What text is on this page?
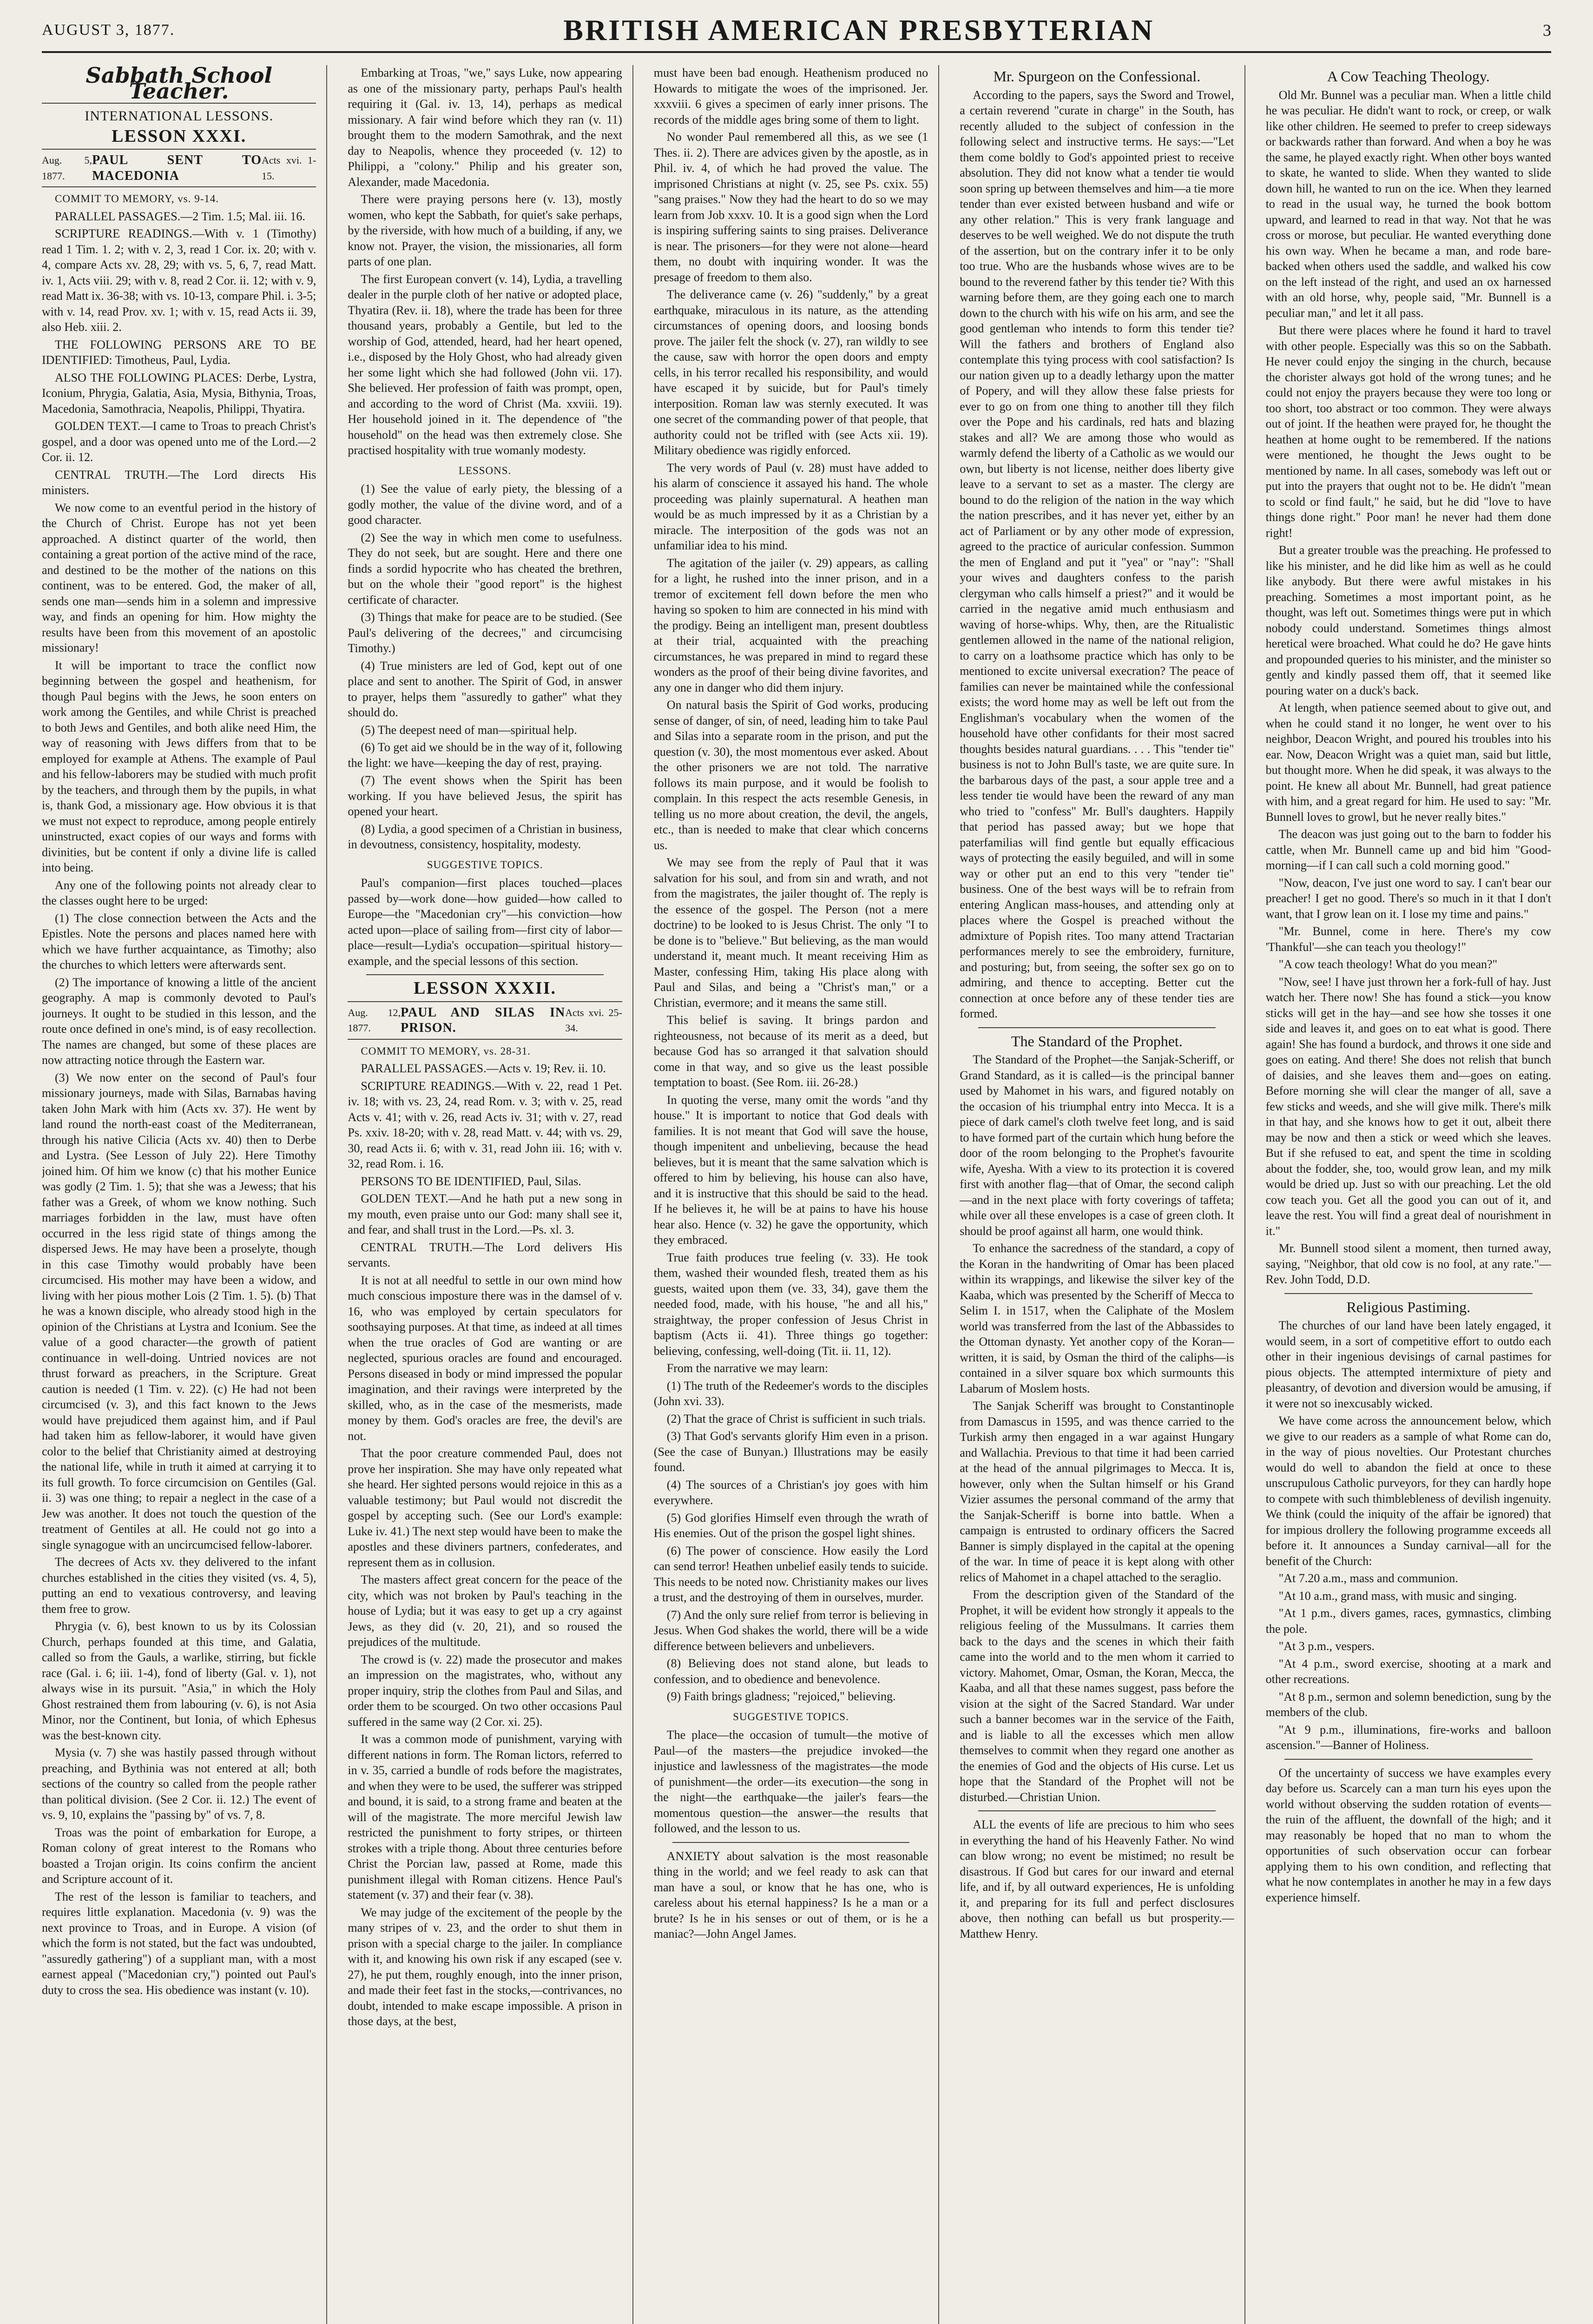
AUGUST 3, 1877.	BRITISH AMERICAN PRESBYTERIAN	3
Sabbath School Teacher.
INTERNATIONAL LESSONS.
LESSON XXXI.
Aug. 5, 1877.
PAUL SENT TO MACEDONIA
Acts xvi. 1-15.

COMMIT TO MEMORY, vs. 9-14.

PARALLEL PASSAGES.—2 Tim. 1.5; Mal. iii. 16.

SCRIPTURE READINGS.—With v. 1 (Timothy) read 1 Tim. 1. 2; with v. 2, 3, read 1 Cor. ix. 20; with v. 4, compare Acts xv. 28, 29; with vs. 5, 6, 7, read Matt. iv. 1, Acts viii. 29; with v. 8, read 2 Cor. ii. 12; with v. 9, read Matt ix. 36-38; with vs. 10-13, compare Phil. i. 3-5; with v. 14, read Prov. xv. 1; with v. 15, read Acts ii. 39, also Heb. xiii. 2.

THE FOLLOWING PERSONS ARE TO BE IDENTIFIED: Timotheus, Paul, Lydia.

ALSO THE FOLLOWING PLACES: Derbe, Lystra, Iconium, Phrygia, Galatia, Asia, Mysia, Bithynia, Troas, Macedonia, Samothracia, Neapolis, Philippi, Thyatira.

GOLDEN TEXT.—I came to Troas to preach Christ's gospel, and a door was opened unto me of the Lord.—2 Cor. ii. 12.

CENTRAL TRUTH.—The Lord directs His ministers.

We now come to an eventful period in the history of the Church of Christ. Europe has not yet been approached. A distinct quarter of the world, then containing a great portion of the active mind of the race, and destined to be the mother of the nations on this continent, was to be entered. God, the maker of all, sends one man—sends him in a solemn and impressive way, and finds an opening for him. How mighty the results have been from this movement of an apostolic missionary!

It will be important to trace the conflict now beginning between the gospel and heathenism, for though Paul begins with the Jews, he soon enters on work among the Gentiles, and while Christ is preached to both Jews and Gentiles, and both alike need Him, the way of reasoning with Jews differs from that to be employed for example at Athens. The example of Paul and his fellow-laborers may be studied with much profit by the teachers, and through them by the pupils, in what is, thank God, a missionary age. How obvious it is that we must not expect to reproduce, among people entirely uninstructed, exact copies of our ways and forms with divinities, but be content if only a divine life is called into being.

Any one of the following points not already clear to the classes ought here to be urged:

(1) The close connection between the Acts and the Epistles. Note the persons and places named here with which we have further acquaintance, as Timothy; also the churches to which letters were afterwards sent.

(2) The importance of knowing a little of the ancient geography. A map is commonly devoted to Paul's journeys. It ought to be studied in this lesson, and the route once defined in one's mind, is of easy recollection. The names are changed, but some of these places are now attracting notice through the Eastern war.

(3) We now enter on the second of Paul's four missionary journeys, made with Silas, Barnabas having taken John Mark with him (Acts xv. 37). He went by land round the north-east coast of the Mediterranean, through his native Cilicia (Acts xv. 40) then to Derbe and Lystra. (See Lesson of July 22). Here Timothy joined him. Of him we know (c) that his mother Eunice was godly (2 Tim. 1. 5); that she was a Jewess; that his father was a Greek, of whom we know nothing. Such marriages forbidden in the law, must have often occurred in the less rigid state of things among the dispersed Jews. He may have been a proselyte, though in this case Timothy would probably have been circumcised. His mother may have been a widow, and living with her pious mother Lois (2 Tim. 1. 5). (b) That he was a known disciple, who already stood high in the opinion of the Christians at Lystra and Iconium. See the value of a good character—the growth of patient continuance in well-doing. Untried novices are not thrust forward as preachers, in the Scripture. Great caution is needed (1 Tim. v. 22). (c) He had not been circumcised (v. 3), and this fact known to the Jews would have prejudiced them against him, and if Paul had taken him as fellow-laborer, it would have given color to the belief that Christianity aimed at destroying the national life, while in truth it aimed at carrying it to its full growth. To force circumcision on Gentiles (Gal. ii. 3) was one thing; to repair a neglect in the case of a Jew was another. It does not touch the question of the treatment of Gentiles at all. He could not go into a single synagogue with an uncircumcised fellow-laborer.

The decrees of Acts xv. they delivered to the infant churches established in the cities they visited (vs. 4, 5), putting an end to vexatious controversy, and leaving them free to grow.

Phrygia (v. 6), best known to us by its Colossian Church, perhaps founded at this time, and Galatia, called so from the Gauls, a warlike, stirring, but fickle race (Gal. i. 6; iii. 1-4), fond of liberty (Gal. v. 1), not always wise in its pursuit. "Asia," in which the Holy Ghost restrained them from labouring (v. 6), is not Asia Minor, nor the Continent, but Ionia, of which Ephesus was the best-known city.

Mysia (v. 7) she was hastily passed through without preaching, and Bythinia was not entered at all; both sections of the country so called from the people rather than political division. (See 2 Cor. ii. 12.) The event of vs. 9, 10, explains the "passing by" of vs. 7, 8.

Troas was the point of embarkation for Europe, a Roman colony of great interest to the Romans who boasted a Trojan origin. Its coins confirm the ancient and Scripture account of it.

The rest of the lesson is familiar to teachers, and requires little explanation. Macedonia (v. 9) was the next province to Troas, and in Europe. A vision (of which the form is not stated, but the fact was undoubted, "assuredly gathering") of a suppliant man, with a most earnest appeal ("Macedonian cry,") pointed out Paul's duty to cross the sea. His obedience was instant (v. 10).

Embarking at Troas, "we," says Luke, now appearing as one of the missionary party, perhaps Paul's health requiring it (Gal. iv. 13, 14), perhaps as medical missionary. A fair wind before which they ran (v. 11) brought them to the modern Samothrak, and the next day to Neapolis, whence they proceeded (v. 12) to Philippi, a "colony." Philip and his greater son, Alexander, made Macedonia.

There were praying persons here (v. 13), mostly women, who kept the Sabbath, for quiet's sake perhaps, by the riverside, with how much of a building, if any, we know not. Prayer, the vision, the missionaries, all form parts of one plan.

The first European convert (v. 14), Lydia, a travelling dealer in the purple cloth of her native or adopted place, Thyatira (Rev. ii. 18), where the trade has been for three thousand years, probably a Gentile, but led to the worship of God, attended, heard, had her heart opened, i.e., disposed by the Holy Ghost, who had already given her some light which she had followed (John vii. 17). She believed. Her profession of faith was prompt, open, and according to the word of Christ (Ma. xxviii. 19). Her household joined in it. The dependence of "the household" on the head was then extremely close. She practised hospitality with true womanly modesty.

LESSONS.

(1) See the value of early piety, the blessing of a godly mother, the value of the divine word, and of a good character.

(2) See the way in which men come to usefulness. They do not seek, but are sought. Here and there one finds a sordid hypocrite who has cheated the brethren, but on the whole their "good report" is the highest certificate of character.

(3) Things that make for peace are to be studied. (See Paul's delivering of the decrees," and circumcising Timothy.)

(4) True ministers are led of God, kept out of one place and sent to another. The Spirit of God, in answer to prayer, helps them "assuredly to gather" what they should do.

(5) The deepest need of man—spiritual help.

(6) To get aid we should be in the way of it, following the light: we have—keeping the day of rest, praying.

(7) The event shows when the Spirit has been working. If you have believed Jesus, the spirit has opened your heart.

(8) Lydia, a good specimen of a Christian in business, in devoutness, consistency, hospitality, modesty.

SUGGESTIVE TOPICS.

Paul's companion—first places touched—places passed by—work done—how guided—how called to Europe—the "Macedonian cry"—his conviction—how acted upon—place of sailing from—first city of labor—place—result—Lydia's occupation—spiritual history—example, and the special lessons of this section.

LESSON XXXII.
Aug. 12, 1877.
PAUL AND SILAS IN PRISON.
Acts xvi. 25-34.

COMMIT TO MEMORY, vs. 28-31.

PARALLEL PASSAGES.—Acts v. 19; Rev. ii. 10.

SCRIPTURE READINGS.—With v. 22, read 1 Pet. iv. 18; with vs. 23, 24, read Rom. v. 3; with v. 25, read Acts v. 41; with v. 26, read Acts iv. 31; with v. 27, read Ps. xxiv. 18-20; with v. 28, read Matt. v. 44; with vs. 29, 30, read Acts ii. 6; with v. 31, read John iii. 16; with v. 32, read Rom. i. 16.

PERSONS TO BE IDENTIFIED, Paul, Silas.

GOLDEN TEXT.—And he hath put a new song in my mouth, even praise unto our God: many shall see it, and fear, and shall trust in the Lord.—Ps. xl. 3.

CENTRAL TRUTH.—The Lord delivers His servants.

It is not at all needful to settle in our own mind how much conscious imposture there was in the damsel of v. 16, who was employed by certain speculators for soothsaying purposes. At that time, as indeed at all times when the true oracles of God are wanting or are neglected, spurious oracles are found and encouraged. Persons diseased in body or mind impressed the popular imagination, and their ravings were interpreted by the skilled, who, as in the case of the mesmerists, made money by them. God's oracles are free, the devil's are not.

That the poor creature commended Paul, does not prove her inspiration. She may have only repeated what she heard. Her sighted persons would rejoice in this as a valuable testimony; but Paul would not discredit the gospel by accepting such. (See our Lord's example: Luke iv. 41.) The next step would have been to make the apostles and these diviners partners, confederates, and represent them as in collusion.

The masters affect great concern for the peace of the city, which was not broken by Paul's teaching in the house of Lydia; but it was easy to get up a cry against Jews, as they did (v. 20, 21), and so roused the prejudices of the multitude.

The crowd is (v. 22) made the prosecutor and makes an impression on the magistrates, who, without any proper inquiry, strip the clothes from Paul and Silas, and order them to be scourged. On two other occasions Paul suffered in the same way (2 Cor. xi. 25).

It was a common mode of punishment, varying with different nations in form. The Roman lictors, referred to in v. 35, carried a bundle of rods before the magistrates, and when they were to be used, the sufferer was stripped and bound, it is said, to a strong frame and beaten at the will of the magistrate. The more merciful Jewish law restricted the punishment to forty stripes, or thirteen strokes with a triple thong. About three centuries before Christ the Porcian law, passed at Rome, made this punishment illegal with Roman citizens. Hence Paul's statement (v. 37) and their fear (v. 38).

We may judge of the excitement of the people by the many stripes of v. 23, and the order to shut them in prison with a special charge to the jailer. In compliance with it, and knowing his own risk if any escaped (see v. 27), he put them, roughly enough, into the inner prison, and made their feet fast in the stocks,—contrivances, no doubt, intended to make escape impossible. A prison in those days, at the best,

must have been bad enough. Heathenism produced no Howards to mitigate the woes of the imprisoned. Jer. xxxviii. 6 gives a specimen of early inner prisons. The records of the middle ages bring some of them to light.

No wonder Paul remembered all this, as we see (1 Thes. ii. 2). There are advices given by the apostle, as in Phil. iv. 4, of which he had proved the value. The imprisoned Christians at night (v. 25, see Ps. cxix. 55) "sang praises." Now they had the heart to do so we may learn from Job xxxv. 10. It is a good sign when the Lord is inspiring suffering saints to sing praises. Deliverance is near. The prisoners—for they were not alone—heard them, no doubt with inquiring wonder. It was the presage of freedom to them also.

The deliverance came (v. 26) "suddenly," by a great earthquake, miraculous in its nature, as the attending circumstances of opening doors, and loosing bonds prove. The jailer felt the shock (v. 27), ran wildly to see the cause, saw with horror the open doors and empty cells, in his terror recalled his responsibility, and would have escaped it by suicide, but for Paul's timely interposition. Roman law was sternly executed. It was one secret of the commanding power of that people, that authority could not be trifled with (see Acts xii. 19). Military obedience was rigidly enforced.

The very words of Paul (v. 28) must have added to his alarm of conscience it assayed his hand. The whole proceeding was plainly supernatural. A heathen man would be as much impressed by it as a Christian by a miracle. The interposition of the gods was not an unfamiliar idea to his mind.

The agitation of the jailer (v. 29) appears, as calling for a light, he rushed into the inner prison, and in a tremor of excitement fell down before the men who having so spoken to him are connected in his mind with the prodigy. Being an intelligent man, present doubtless at their trial, acquainted with the preaching circumstances, he was prepared in mind to regard these wonders as the proof of their being divine favorites, and any one in danger who did them injury.

On natural basis the Spirit of God works, producing sense of danger, of sin, of need, leading him to take Paul and Silas into a separate room in the prison, and put the question (v. 30), the most momentous ever asked. About the other prisoners we are not told. The narrative follows its main purpose, and it would be foolish to complain. In this respect the acts resemble Genesis, in telling us no more about creation, the devil, the angels, etc., than is needed to make that clear which concerns us.

We may see from the reply of Paul that it was salvation for his soul, and from sin and wrath, and not from the magistrates, the jailer thought of. The reply is the essence of the gospel. The Person (not a mere doctrine) to be looked to is Jesus Christ. The only "I to be done is to "believe." But believing, as the man would understand it, meant much. It meant receiving Him as Master, confessing Him, taking His place along with Paul and Silas, and being a "Christ's man," or a Christian, evermore; and it means the same still.

This belief is saving. It brings pardon and righteousness, not because of its merit as a deed, but because God has so arranged it that salvation should come in that way, and so give us the least possible temptation to boast. (See Rom. iii. 26-28.)

In quoting the verse, many omit the words "and thy house." It is important to notice that God deals with families. It is not meant that God will save the house, though impenitent and unbelieving, because the head believes, but it is meant that the same salvation which is offered to him by believing, his house can also have, and it is instructive that this should be said to the head. If he believes it, he will be at pains to have his house hear also. Hence (v. 32) he gave the opportunity, which they embraced.

True faith produces true feeling (v. 33). He took them, washed their wounded flesh, treated them as his guests, waited upon them (ve. 33, 34), gave them the needed food, made, with his house, "he and all his," straightway, the proper confession of Jesus Christ in baptism (Acts ii. 41). Three things go together: believing, confessing, well-doing (Tit. ii. 11, 12).

From the narrative we may learn:

(1) The truth of the Redeemer's words to the disciples (John xvi. 33).

(2) That the grace of Christ is sufficient in such trials.

(3) That God's servants glorify Him even in a prison. (See the case of Bunyan.) Illustrations may be easily found.

(4) The sources of a Christian's joy goes with him everywhere.

(5) God glorifies Himself even through the wrath of His enemies. Out of the prison the gospel light shines.

(6) The power of conscience. How easily the Lord can send terror! Heathen unbelief easily tends to suicide. This needs to be noted now. Christianity makes our lives a trust, and the destroying of them in ourselves, murder.

(7) And the only sure relief from terror is believing in Jesus. When God shakes the world, there will be a wide difference between believers and unbelievers.

(8) Believing does not stand alone, but leads to confession, and to obedience and benevolence.

(9) Faith brings gladness; "rejoiced," believing.

SUGGESTIVE TOPICS.

The place—the occasion of tumult—the motive of Paul—of the masters—the prejudice invoked—the injustice and lawlessness of the magistrates—the mode of punishment—the order—its execution—the song in the night—the earthquake—the jailer's fears—the momentous question—the answer—the results that followed, and the lesson to us.

ANXIETY about salvation is the most reasonable thing in the world; and we feel ready to ask can that man have a soul, or know that he has one, who is careless about his eternal happiness? Is he a man or a brute? Is he in his senses or out of them, or is he a maniac?—John Angel James.

Mr. Spurgeon on the Confessional.

According to the papers, says the Sword and Trowel, a certain reverend "curate in charge" in the South, has recently alluded to the subject of confession in the following select and instructive terms. He says:—"Let them come boldly to God's appointed priest to receive absolution. They did not know what a tender tie would soon spring up between themselves and him—a tie more tender than ever existed between husband and wife or any other relation." This is very frank language and deserves to be well weighed. We do not dispute the truth of the assertion, but on the contrary infer it to be only too true. Who are the husbands whose wives are to be bound to the reverend father by this tender tie? With this warning before them, are they going each one to march down to the church with his wife on his arm, and see the good gentleman who intends to form this tender tie? Will the fathers and brothers of England also contemplate this tying process with cool satisfaction? Is our nation given up to a deadly lethargy upon the matter of Popery, and will they allow these false priests for ever to go on from one thing to another till they filch over the Pope and his cardinals, red hats and blazing stakes and all? We are among those who would as warmly defend the liberty of a Catholic as we would our own, but liberty is not license, neither does liberty give leave to a servant to set as a master. The clergy are bound to do the religion of the nation in the way which the nation prescribes, and it has never yet, either by an act of Parliament or by any other mode of expression, agreed to the practice of auricular confession. Summon the men of England and put it "yea" or "nay": "Shall your wives and daughters confess to the parish clergyman who calls himself a priest?" and it would be carried in the negative amid much enthusiasm and waving of horse-whips. Why, then, are the Ritualistic gentlemen allowed in the name of the national religion, to carry on a loathsome practice which has only to be mentioned to excite universal execration? The peace of families can never be maintained while the confessional exists; the word home may as well be left out from the Englishman's vocabulary when the women of the household have other confidants for their most sacred thoughts besides natural guardians. . . . This "tender tie" business is not to John Bull's taste, we are quite sure. In the barbarous days of the past, a sour apple tree and a less tender tie would have been the reward of any man who tried to "confess" Mr. Bull's daughters. Happily that period has passed away; but we hope that paterfamilias will find gentle but equally efficacious ways of protecting the easily beguiled, and will in some way or other put an end to this very "tender tie" business. One of the best ways will be to refrain from entering Anglican mass-houses, and attending only at places where the Gospel is preached without the admixture of Popish rites. Too many attend Tractarian performances merely to see the embroidery, furniture, and posturing; but, from seeing, the softer sex go on to admiring, and thence to accepting. Better cut the connection at once before any of these tender ties are formed.

The Standard of the Prophet.

The Standard of the Prophet—the Sanjak-Scheriff, or Grand Standard, as it is called—is the principal banner used by Mahomet in his wars, and figured notably on the occasion of his triumphal entry into Mecca. It is a piece of dark camel's cloth twelve feet long, and is said to have formed part of the curtain which hung before the door of the room belonging to the Prophet's favourite wife, Ayesha. With a view to its protection it is covered first with another flag—that of Omar, the second caliph—and in the next place with forty coverings of taffeta; while over all these envelopes is a case of green cloth. It should be proof against all harm, one would think.

To enhance the sacredness of the standard, a copy of the Koran in the handwriting of Omar has been placed within its wrappings, and likewise the silver key of the Kaaba, which was presented by the Scheriff of Mecca to Selim I. in 1517, when the Caliphate of the Moslem world was transferred from the last of the Abbassides to the Ottoman dynasty. Yet another copy of the Koran—written, it is said, by Osman the third of the caliphs—is contained in a silver square box which surmounts this Labarum of Moslem hosts.

The Sanjak Scheriff was brought to Constantinople from Damascus in 1595, and was thence carried to the Turkish army then engaged in a war against Hungary and Wallachia. Previous to that time it had been carried at the head of the annual pilgrimages to Mecca. It is, however, only when the Sultan himself or his Grand Vizier assumes the personal command of the army that the Sanjak-Scheriff is borne into battle. When a campaign is entrusted to ordinary officers the Sacred Banner is simply displayed in the capital at the opening of the war. In time of peace it is kept along with other relics of Mahomet in a chapel attached to the seraglio.

From the description given of the Standard of the Prophet, it will be evident how strongly it appeals to the religious feeling of the Mussulmans. It carries them back to the days and the scenes in which their faith came into the world and to the men whom it carried to victory. Mahomet, Omar, Osman, the Koran, Mecca, the Kaaba, and all that these names suggest, pass before the vision at the sight of the Sacred Standard. War under such a banner becomes war in the service of the Faith, and is liable to all the excesses which men allow themselves to commit when they regard one another as the enemies of God and the objects of His curse. Let us hope that the Standard of the Prophet will not be disturbed.—Christian Union.

ALL the events of life are precious to him who sees in everything the hand of his Heavenly Father. No wind can blow wrong; no event be mistimed; no result be disastrous. If God but cares for our inward and eternal life, and if, by all outward experiences, He is unfolding it, and preparing for its full and perfect disclosures above, then nothing can befall us but prosperity.—Matthew Henry.

A Cow Teaching Theology.

Old Mr. Bunnel was a peculiar man. When a little child he was peculiar. He didn't want to rock, or creep, or walk like other children. He seemed to prefer to creep sideways or backwards rather than forward. And when a boy he was the same, he played exactly right. When other boys wanted to skate, he wanted to slide. When they wanted to slide down hill, he wanted to run on the ice. When they learned to read in the usual way, he turned the book bottom upward, and learned to read in that way. Not that he was cross or morose, but peculiar. He wanted everything done his own way. When he became a man, and rode bare-backed when others used the saddle, and walked his cow on the left instead of the right, and used an ox harnessed with an old horse, why, people said, "Mr. Bunnell is a peculiar man," and let it all pass.

But there were places where he found it hard to travel with other people. Especially was this so on the Sabbath. He never could enjoy the singing in the church, because the chorister always got hold of the wrong tunes; and he could not enjoy the prayers because they were too long or too short, too abstract or too common. They were always out of joint. If the heathen were prayed for, he thought the heathen at home ought to be remembered. If the nations were mentioned, he thought the Jews ought to be mentioned by name. In all cases, somebody was left out or put into the prayers that ought not to be. He didn't "mean to scold or find fault," he said, but he did "love to have things done right." Poor man! he never had them done right!

But a greater trouble was the preaching. He professed to like his minister, and he did like him as well as he could like anybody. But there were awful mistakes in his preaching. Sometimes a most important point, as he thought, was left out. Sometimes things were put in which nobody could understand. Sometimes things almost heretical were broached. What could he do? He gave hints and propounded queries to his minister, and the minister so gently and kindly passed them off, that it seemed like pouring water on a duck's back.

At length, when patience seemed about to give out, and when he could stand it no longer, he went over to his neighbor, Deacon Wright, and poured his troubles into his ear. Now, Deacon Wright was a quiet man, said but little, but thought more. When he did speak, it was always to the point. He knew all about Mr. Bunnell, had great patience with him, and a great regard for him. He used to say: "Mr. Bunnell loves to growl, but he never really bites."

The deacon was just going out to the barn to fodder his cattle, when Mr. Bunnell came up and bid him "Good-morning—if I can call such a cold morning good."

"Now, deacon, I've just one word to say. I can't bear our preacher! I get no good. There's so much in it that I don't want, that I grow lean on it. I lose my time and pains."

"Mr. Bunnel, come in here. There's my cow 'Thankful'—she can teach you theology!"

"A cow teach theology! What do you mean?"

"Now, see! I have just thrown her a fork-full of hay. Just watch her. There now! She has found a stick—you know sticks will get in the hay—and see how she tosses it one side and leaves it, and goes on to eat what is good. There again! She has found a burdock, and throws it one side and goes on eating. And there! She does not relish that bunch of daisies, and she leaves them and—goes on eating. Before morning she will clear the manger of all, save a few sticks and weeds, and she will give milk. There's milk in that hay, and she knows how to get it out, albeit there may be now and then a stick or weed which she leaves. But if she refused to eat, and spent the time in scolding about the fodder, she, too, would grow lean, and my milk would be dried up. Just so with our preaching. Let the old cow teach you. Get all the good you can out of it, and leave the rest. You will find a great deal of nourishment in it."

Mr. Bunnell stood silent a moment, then turned away, saying, "Neighbor, that old cow is no fool, at any rate."—Rev. John Todd, D.D.

Religious Pastiming.

The churches of our land have been lately engaged, it would seem, in a sort of competitive effort to outdo each other in their ingenious devisings of carnal pastimes for pious objects. The attempted intermixture of piety and pleasantry, of devotion and diversion would be amusing, if it were not so inexcusably wicked.

We have come across the announcement below, which we give to our readers as a sample of what Rome can do, in the way of pious novelties. Our Protestant churches would do well to abandon the field at once to these unscrupulous Catholic purveyors, for they can hardly hope to compete with such thimblebleness of devilish ingenuity. We think (could the iniquity of the affair be ignored) that for impious drollery the following programme exceeds all before it. It announces a Sunday carnival—all for the benefit of the Church:

"At 7.20 a.m., mass and communion.

"At 10 a.m., grand mass, with music and singing.

"At 1 p.m., divers games, races, gymnastics, climbing the pole.

"At 3 p.m., vespers.

"At 4 p.m., sword exercise, shooting at a mark and other recreations.

"At 8 p.m., sermon and solemn benediction, sung by the members of the club.

"At 9 p.m., illuminations, fire-works and balloon ascension."—Banner of Holiness.

Of the uncertainty of success we have examples every day before us. Scarcely can a man turn his eyes upon the world without observing the sudden rotation of events—the ruin of the affluent, the downfall of the high; and it may reasonably be hoped that no man to whom the opportunities of such observation occur can forbear applying them to his own condition, and reflecting that what he now contemplates in another he may in a few days experience himself.
